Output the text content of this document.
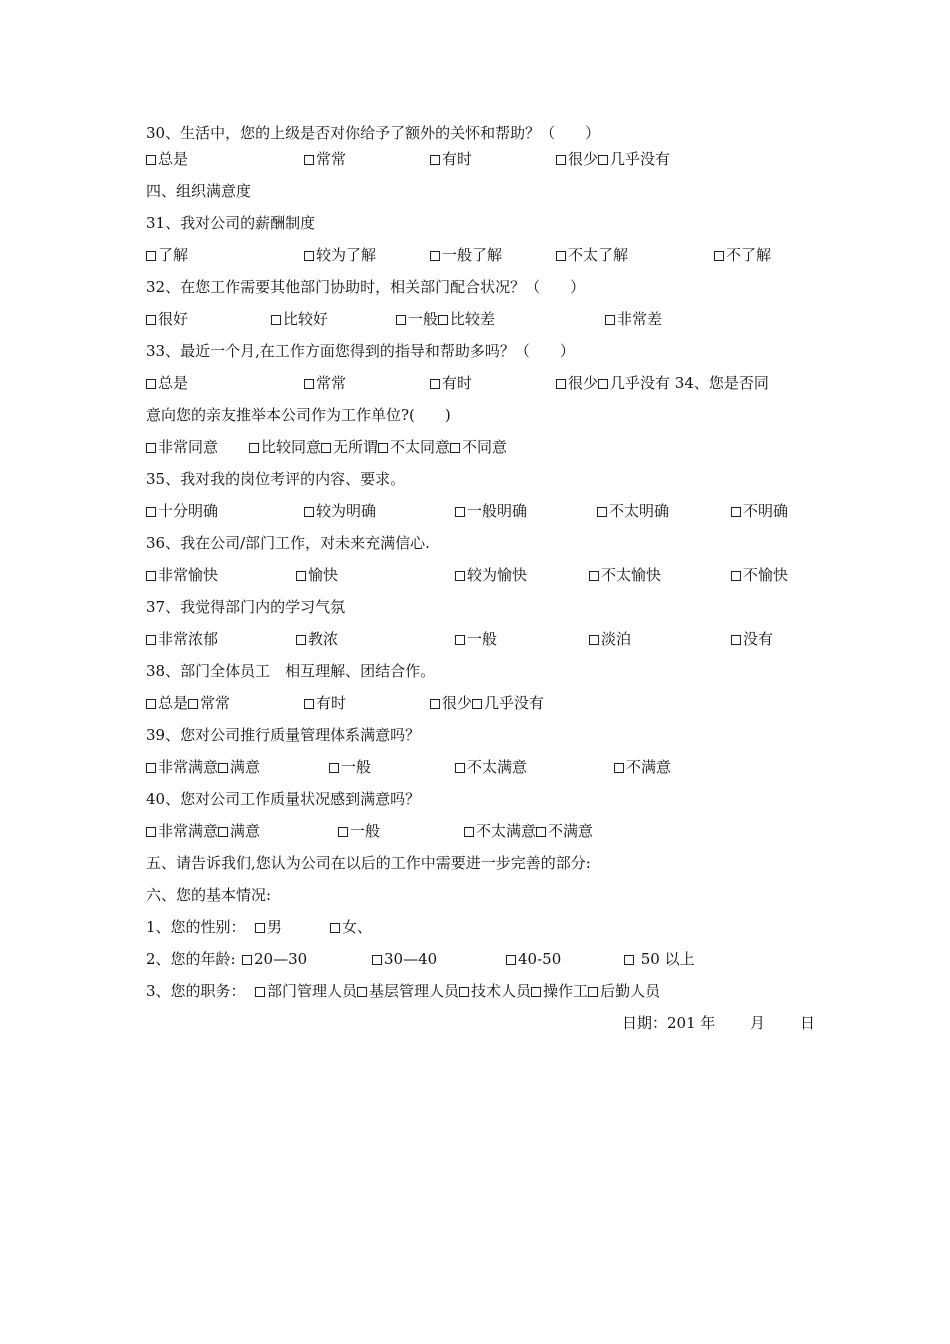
30、生活中，您的上级是否对你给予了额外的关怀和帮助？（　　）
总是	常常	有时	很少 几乎没有
四、组织满意度
31、我对公司的薪酬制度
了解	较为了解	一般了解	不太了解	不了解
32、在您工作需要其他部门协助时，相关部门配合状况？（　　）
很好	比较好	一般 比较差	非常差
33、最近一个月,在工作方面您得到的指导和帮助多吗？（　　）
总是	常常	有时	很少 几乎没有 34、您是否同
意向您的亲友推举本公司作为工作单位?(　　)
非常同意	比较同意 无所谓 不太同意 不同意
35、我对我的岗位考评的内容、要求。
十分明确	较为明确	一般明确	不太明确	不明确
36、我在公司/部门工作，对未来充满信心.
非常愉快	愉快	较为愉快	不太愉快	不愉快
37、我觉得部门内的学习气氛
非常浓郁	教浓	一般	淡泊	没有
38、部门全体员工　相互理解、团结合作。
总是 常常	有时	很少 几乎没有
39、您对公司推行质量管理体系满意吗？
非常满意 满意	一般	不太满意	不满意
40、您对公司工作质量状况感到满意吗？
非常满意 满意	一般	不太满意 不满意
五、请告诉我们,您认为公司在以后的工作中需要进一步完善的部分:
六、您的基本情况:
1、您的性别：	男	女、
2、您的年龄:	20—30	30—40	40-50	50 以上
3、您的职务：	部门管理人员 基层管理人员 技术人员 操作工 后勤人员
日期：201 年 月 日
